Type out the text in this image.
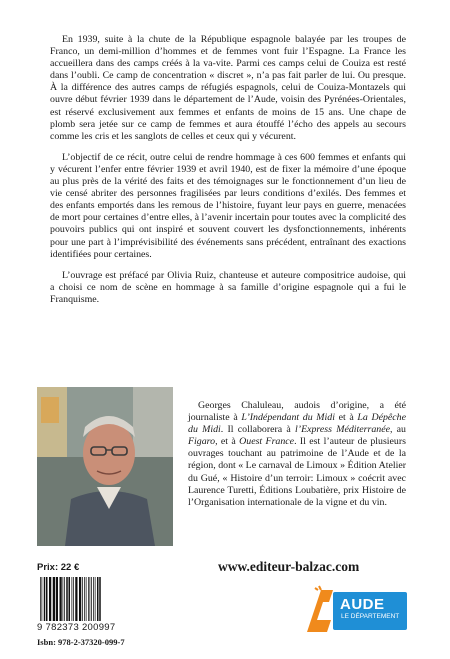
En 1939, suite à la chute de la République espagnole balayée par les troupes de Franco, un demi-million d’hommes et de femmes vont fuir l’Espagne. La France les accueillera dans des camps créés à la va-vite. Parmi ces camps celui de Couiza est resté dans l’oubli. Ce camp de concentration « discret », n’a pas fait parler de lui. Ou presque. À la différence des autres camps de réfugiés espagnols, celui de Couiza-Montazels qui ouvre début février 1939 dans le département de l’Aude, voisin des Pyrénées-Orientales, est réservé exclusivement aux femmes et enfants de moins de 15 ans. Une chape de plomb sera jetée sur ce camp de femmes et aura étouffé l’écho des appels au secours comme les cris et les sanglots de celles et ceux qui y vécurent.

L’objectif de ce récit, outre celui de rendre hommage à ces 600 femmes et enfants qui y vécurent l’enfer entre février 1939 et avril 1940, est de fixer la mémoire d’une époque au plus près de la vérité des faits et des témoignages sur le fonctionnement d’un lieu de vie censé abriter des personnes fragilisées par leurs conditions d’exilés. Des femmes et des enfants emportés dans les remous de l’histoire, fuyant leur pays en guerre, menacées de mort pour certaines d’entre elles, à l’avenir incertain pour toutes avec la complicité des pouvoirs publics qui ont inspiré et souvent couvert les dysfonctionnements, inhérents pour une part à l’imprévisibilité des événements sans précédent, entraînant des exactions identifiées pour certaines.

L’ouvrage est préfacé par Olivia Ruiz, chanteuse et auteure compositrice audoise, qui a choisi ce nom de scène en hommage à sa famille d’origine espagnole qui a fui le Franquisme.

Georges Chaluleau, audois d’origine, a été journaliste à L’Indépendant du Midi et à La Dépêche du Midi. Il collaborera à l’Express Méditerranée, au Figaro, et à Ouest France. Il est l’auteur de plusieurs ouvrages touchant au patrimoine de l’Aude et de la région, dont « Le carnaval de Limoux » Édition Atelier du Gué, « Histoire d’un terroir: Limoux » coécrit avec Laurence Turetti, Éditions Loubatière, prix Histoire de l’Organisation internationale de la vigne et du vin.

Prix: 22 €	www.editeur-balzac.com
9 782373 200997
Isbn: 978-2-37320-099-7
AUDE
LE DÉPARTEMENT
